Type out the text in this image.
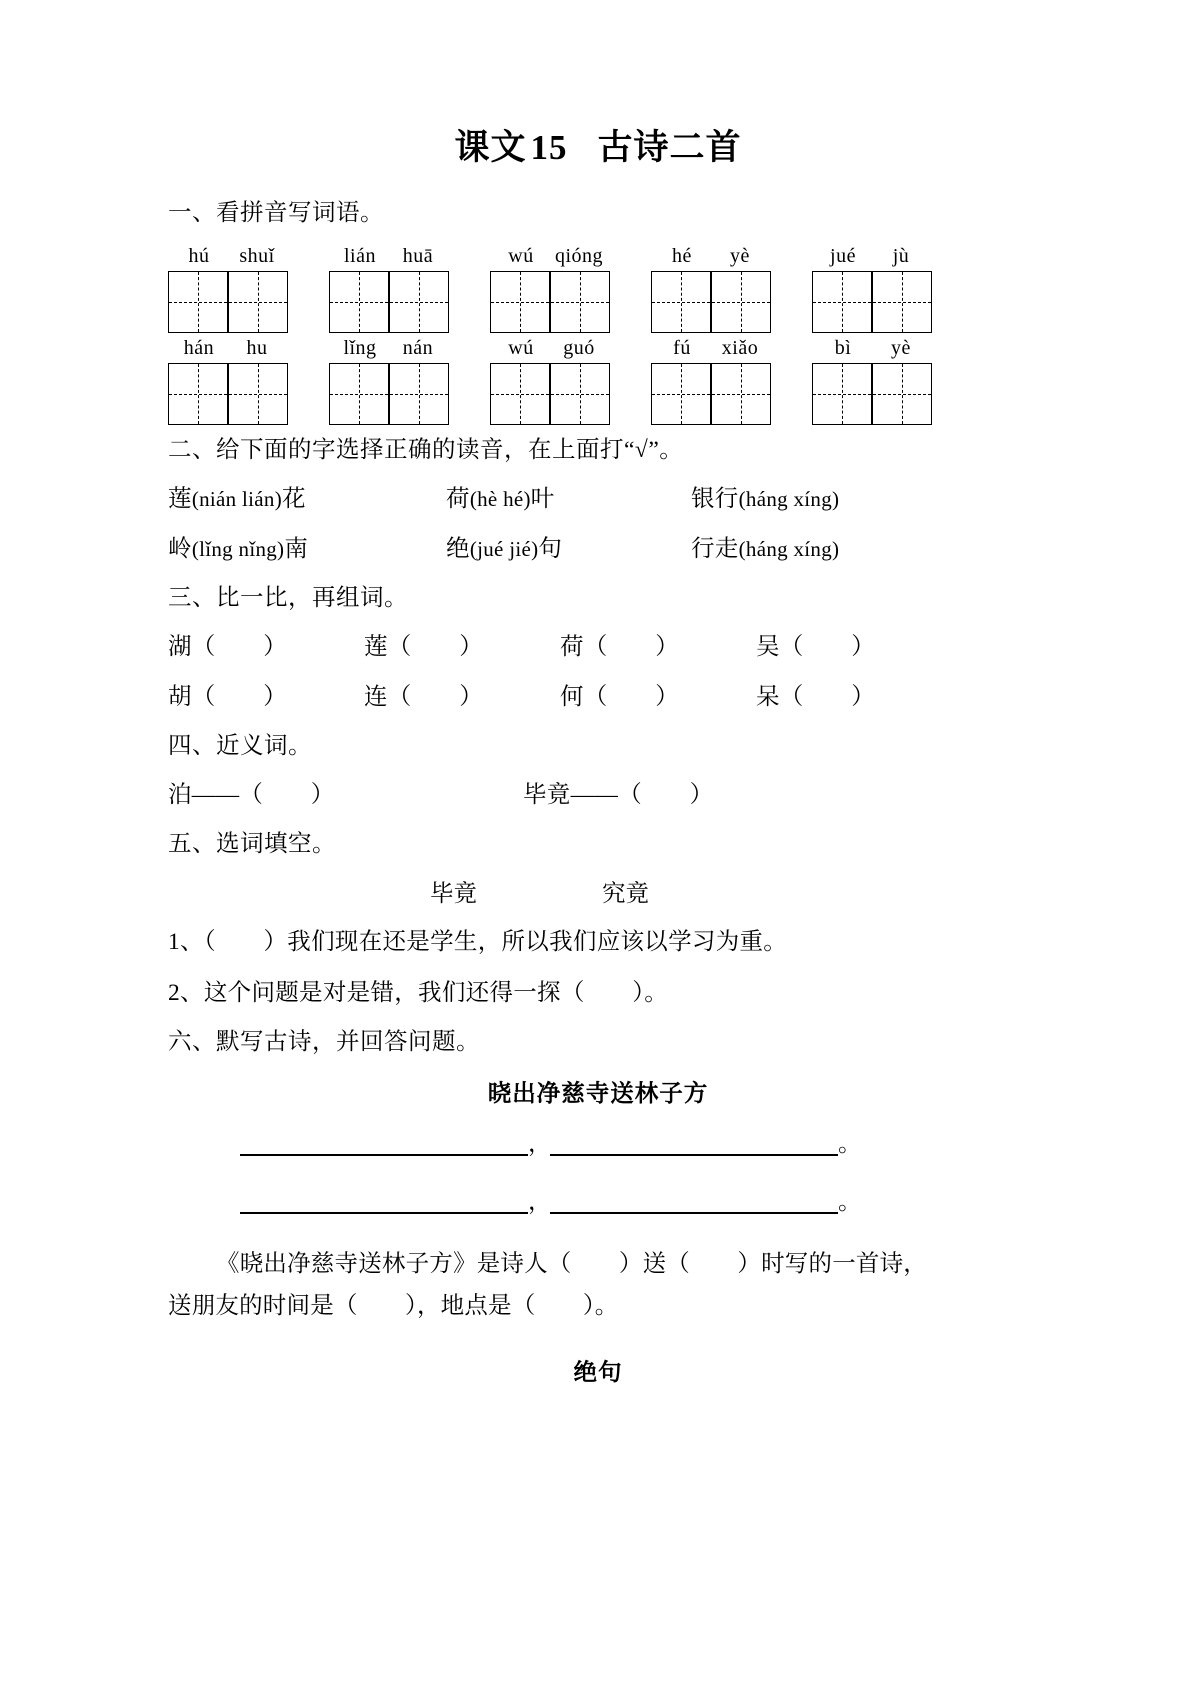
课文 15 古诗二首
一、看拼音写词语。
hú shuǐ	lián huā	wú qióng	hé yè	jué jù
hán hu	lǐng nán	wú guó	fú xiǎo	bì yè
二、给下面的字选择正确的读音，在上面打“√”。
莲(nián lián)花	荷(hè hé)叶	银行(háng xíng)
岭(lǐng nǐng)南	绝(jué jié)句	行走(háng xíng)
三、比一比，再组词。
湖（　　）	莲（　　）	荷（　　）	吴（　　）
胡（　　）	连（　　）	何（　　）	呆（　　）
四、近义词。
泊——（　　）	毕竟——（　　）
五、选词填空。
毕竟	究竟
1、（　　）我们现在还是学生，所以我们应该以学习为重。
2、这个问题是对是错，我们还得一探（　　）。
六、默写古诗，并回答问题。
晓出净慈寺送林子方
，	。
，	。
《晓出净慈寺送林子方》是诗人（　　）送（　　）时写的一首诗，
送朋友的时间是（　　），地点是（　　）。
绝句
